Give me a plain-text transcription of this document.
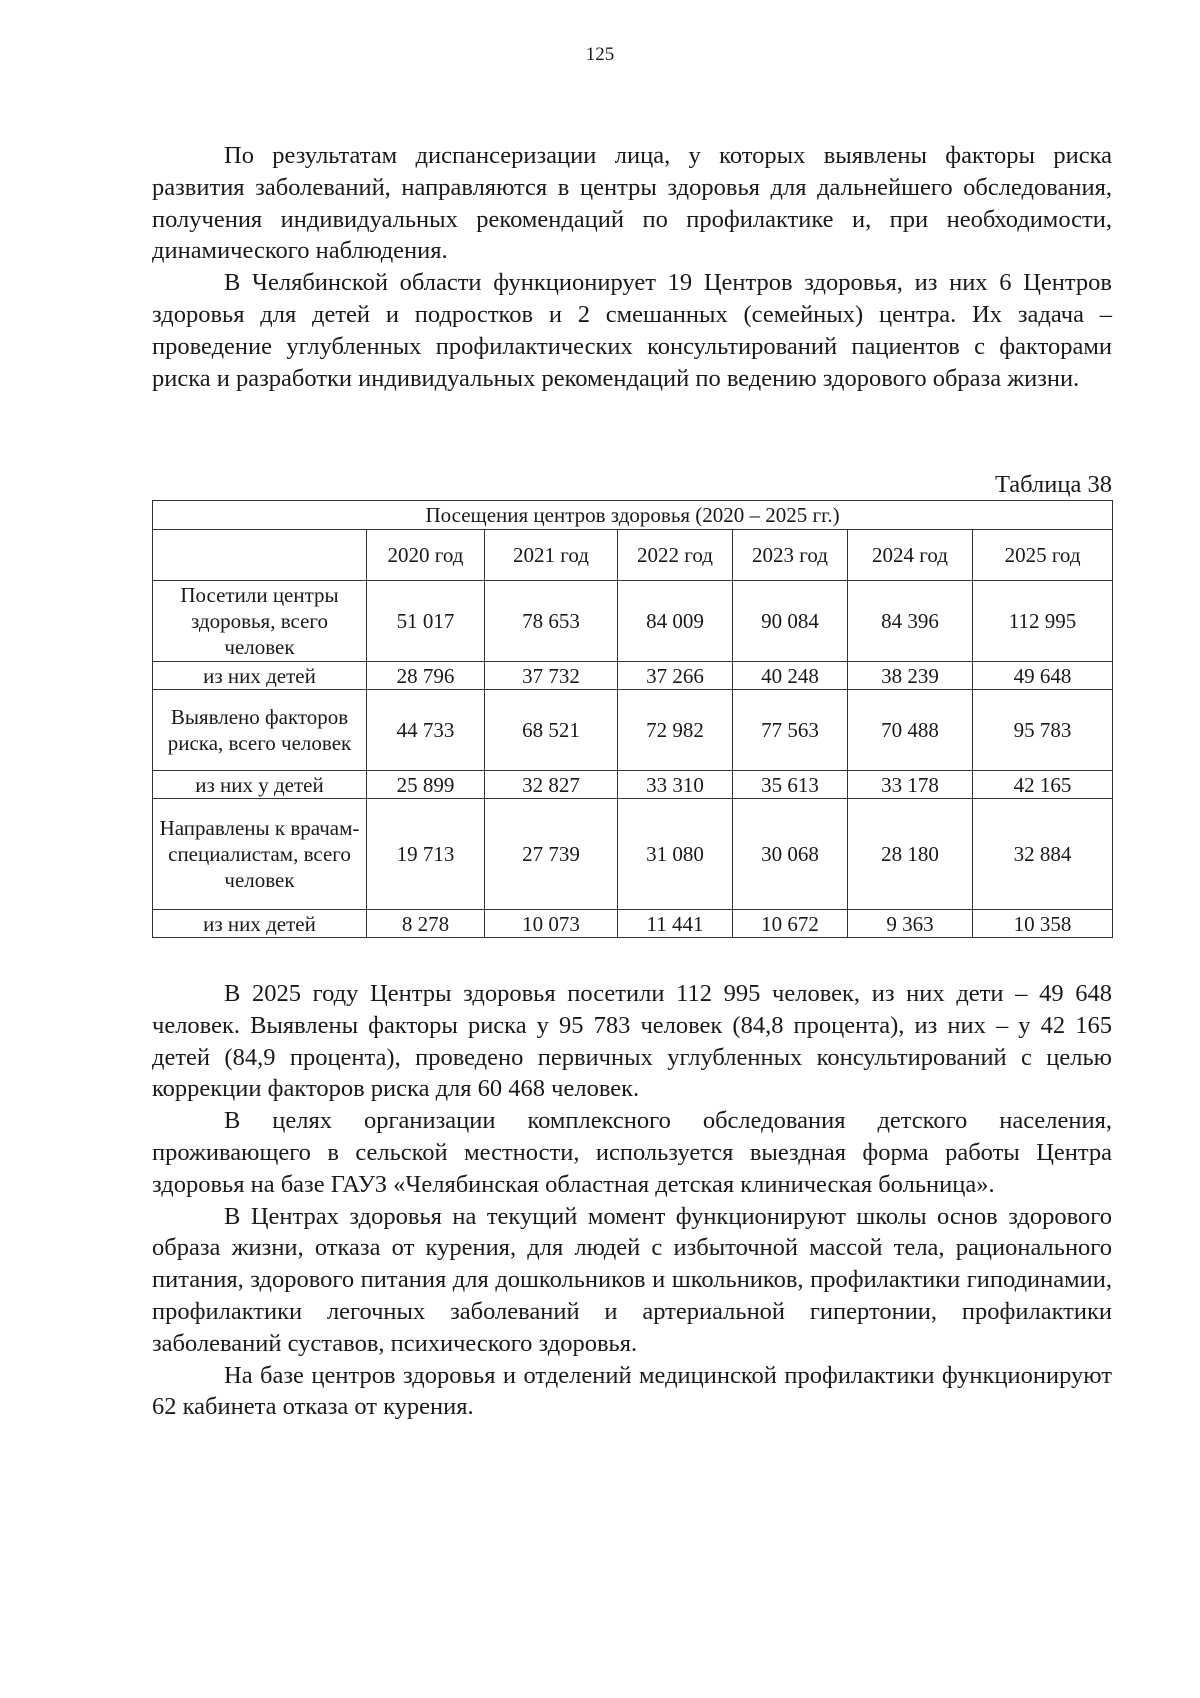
125

По результатам диспансеризации лица, у которых выявлены факторы риска развития заболеваний, направляются в центры здоровья для дальнейшего обследования, получения индивидуальных рекомендаций по профилактике и, при необходимости, динамического наблюдения.

В Челябинской области функционирует 19 Центров здоровья, из них 6 Центров здоровья для детей и подростков и 2 смешанных (семейных) центра. Их задача – проведение углубленных профилактических консультирований пациентов с факторами риска и разработки индивидуальных рекомендаций по ведению здорового образа жизни.

Таблица 38
Посещения центров здоровья (2020 – 2025 гг.)						
	2020 год	2021 год	2022 год	2023 год	2024 год	2025 год
Посетили центры здоровья, всего человек	51 017	78 653	84 009	90 084	84 396	112 995
из них детей	28 796	37 732	37 266	40 248	38 239	49 648
Выявлено факторов риска, всего человек	44 733	68 521	72 982	77 563	70 488	95 783
из них у детей	25 899	32 827	33 310	35 613	33 178	42 165
Направлены к врачам-специалистам, всего человек	19 713	27 739	31 080	30 068	28 180	32 884
из них детей	8 278	10 073	11 441	10 672	9 363	10 358

В 2025 году Центры здоровья посетили 112 995 человек, из них дети – 49 648 человек. Выявлены факторы риска у 95 783 человек (84,8 процента), из них – у 42 165 детей (84,9 процента), проведено первичных углубленных консультирований с целью коррекции факторов риска для 60 468 человек.

В целях организации комплексного обследования детского населения, проживающего в сельской местности, используется выездная форма работы Центра здоровья на базе ГАУЗ «Челябинская областная детская клиническая больница».

В Центрах здоровья на текущий момент функционируют школы основ здорового образа жизни, отказа от курения, для людей с избыточной массой тела, рационального питания, здорового питания для дошкольников и школьников, профилактики гиподинамии, профилактики легочных заболеваний и артериальной гипертонии, профилактики заболеваний суставов, психического здоровья.

На базе центров здоровья и отделений медицинской профилактики функционируют 62 кабинета отказа от курения.
